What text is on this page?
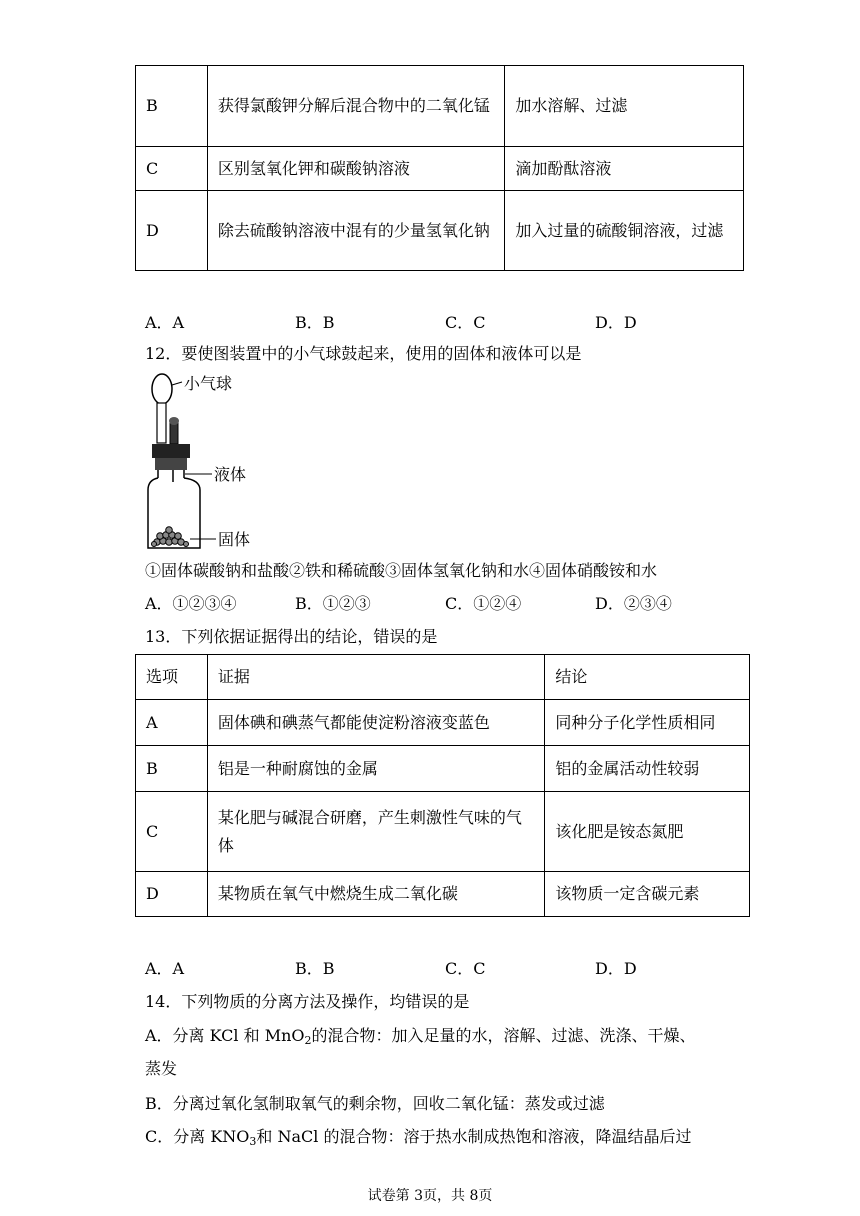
B	获得氯酸钾分解后混合物中的二氧化锰	加水溶解、过滤
C	区别氢氧化钾和碳酸钠溶液	滴加酚酞溶液
D	除去硫酸钠溶液中混有的少量氢氧化钠	加入过量的硫酸铜溶液，过滤
A．A	B．B	C．C	D．D
12．要使图装置中的小气球鼓起来，使用的固体和液体可以是
小气球
液体
固体
①固体碳酸钠和盐酸②铁和稀硫酸③固体氢氧化钠和水④固体硝酸铵和水
A．①②③④	B．①②③	C．①②④	D．②③④
13．下列依据证据得出的结论，错误的是
选项	证据	结论
A	固体碘和碘蒸气都能使淀粉溶液变蓝色	同种分子化学性质相同
B	铝是一种耐腐蚀的金属	铝的金属活动性较弱
C	某化肥与碱混合研磨，产生刺激性气味的气体	该化肥是铵态氮肥
D	某物质在氧气中燃烧生成二氧化碳	该物质一定含碳元素
A．A	B．B	C．C	D．D
14．下列物质的分离方法及操作，均错误的是
A．分离 KCl 和 MnO$_2$的混合物：加入足量的水，溶解、过滤、洗涤、干燥、
蒸发
B．分离过氧化氢制取氧气的剩余物，回收二氧化锰：蒸发或过滤
C．分离 $KNO_3$和 NaCl 的混合物：溶于热水制成热饱和溶液，降温结晶后过
试卷第 3页，共 8页
